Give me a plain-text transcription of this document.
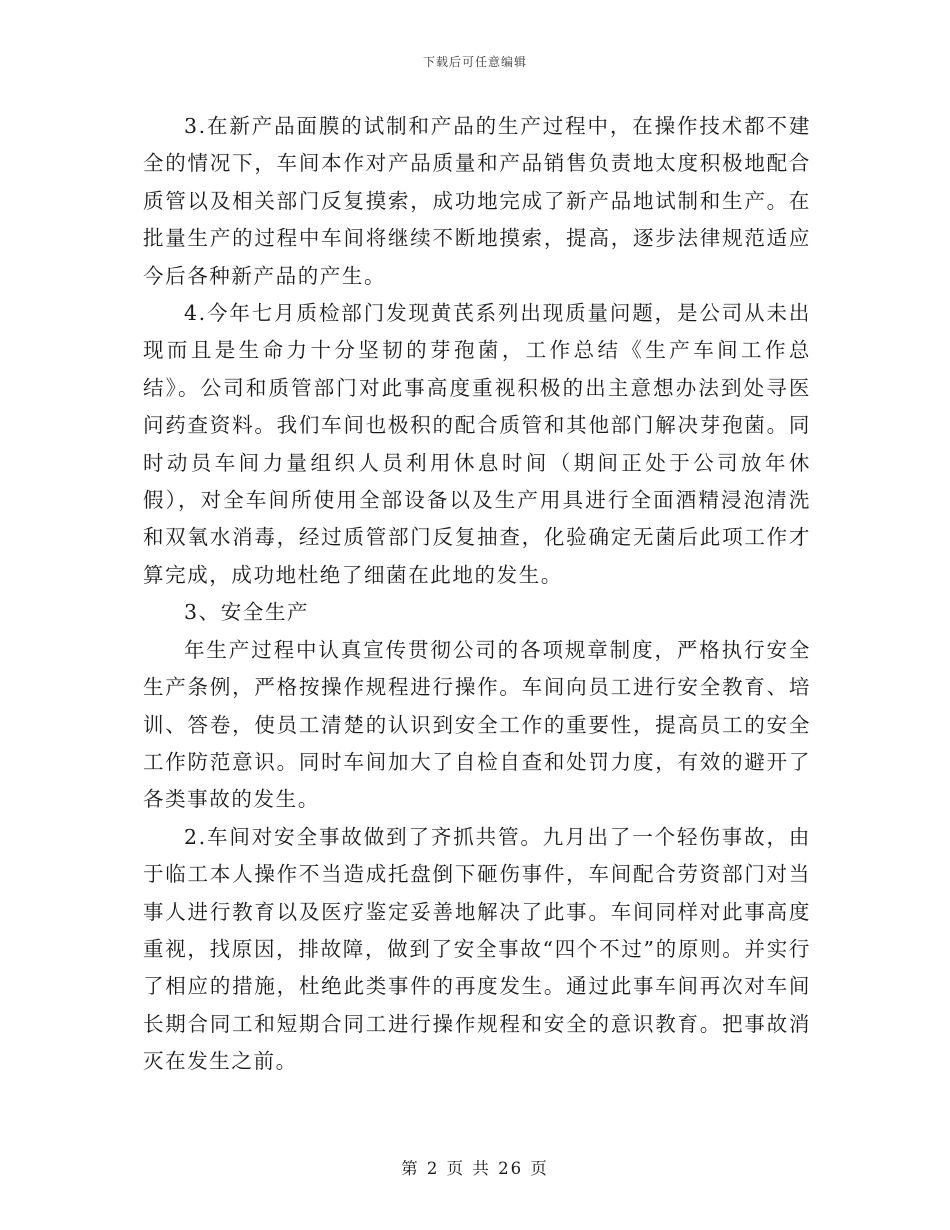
下载后可任意编辑

3.在新产品面膜的试制和产品的生产过程中，在操作技术都不建全的情况下，车间本作对产品质量和产品销售负责地太度积极地配合质管以及相关部门反复摸索，成功地完成了新产品地试制和生产。在批量生产的过程中车间将继续不断地摸索，提高，逐步法律规范适应今后各种新产品的产生。

4.今年七月质检部门发现黄芪系列出现质量问题，是公司从未出现而且是生命力十分坚韧的芽孢菌，工作总结《生产车间工作总结》。公司和质管部门对此事高度重视积极的出主意想办法到处寻医问药查资料。我们车间也极积的配合质管和其他部门解决芽孢菌。同时动员车间力量组织人员利用休息时间（期间正处于公司放年休假），对全车间所使用全部设备以及生产用具进行全面酒精浸泡清洗和双氧水消毒，经过质管部门反复抽查，化验确定无菌后此项工作才算完成，成功地杜绝了细菌在此地的发生。

3、安全生产

年生产过程中认真宣传贯彻公司的各项规章制度，严格执行安全生产条例，严格按操作规程进行操作。车间向员工进行安全教育、培训、答卷，使员工清楚的认识到安全工作的重要性，提高员工的安全工作防范意识。同时车间加大了自检自查和处罚力度，有效的避开了各类事故的发生。

2.车间对安全事故做到了齐抓共管。九月出了一个轻伤事故，由于临工本人操作不当造成托盘倒下砸伤事件，车间配合劳资部门对当事人进行教育以及医疗鉴定妥善地解决了此事。车间同样对此事高度重视，找原因，排故障，做到了安全事故“四个不过”的原则。并实行了相应的措施，杜绝此类事件的再度发生。通过此事车间再次对车间长期合同工和短期合同工进行操作规程和安全的意识教育。把事故消灭在发生之前。

第 2 页 共 26 页
